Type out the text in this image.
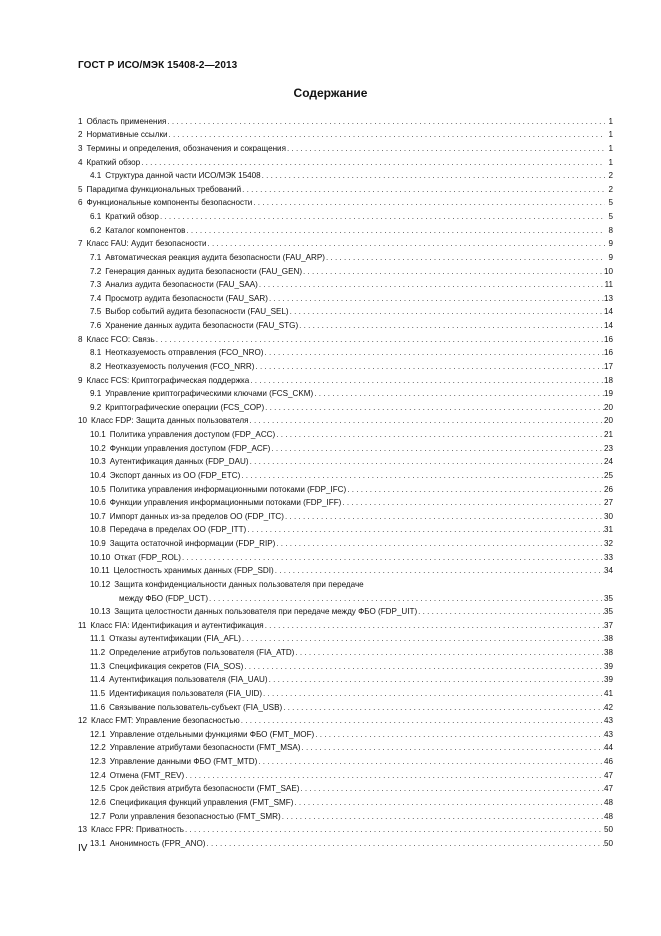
ГОСТ Р ИСО/МЭК 15408-2—2013
Содержание
1 Область применения . . .	1
2 Нормативные ссылки . . .	1
3 Термины и определения, обозначения и сокращения . . .	1
4 Краткий обзор . . .	1
4.1 Структура данной части ИСО/МЭК 15408 . . .	2
5 Парадигма функциональных требований . . .	2
6 Функциональные компоненты безопасности . . .	5
6.1 Краткий обзор . . .	5
6.2 Каталог компонентов . . .	8
7 Класс FAU: Аудит безопасности . . .	9
7.1 Автоматическая реакция аудита безопасности (FAU_ARP) . . .	9
7.2 Генерация данных аудита безопасности (FAU_GEN) . . .	10
7.3 Анализ аудита безопасности (FAU_SAA) . . .	11
7.4 Просмотр аудита безопасности (FAU_SAR) . . .	13
7.5 Выбор событий аудита безопасности (FAU_SEL) . . .	14
7.6 Хранение данных аудита безопасности (FAU_STG) . . .	14
8 Класс FCO: Связь . . .	16
8.1 Неотказуемость отправления (FCO_NRO) . . .	16
8.2 Неотказуемость получения (FCO_NRR) . . .	17
9 Класс FCS: Криптографическая поддержка . . .	18
9.1 Управление криптографическими ключами (FCS_CKM) . . .	19
9.2 Криптографические операции (FCS_COP) . . .	20
10 Класс FDP: Защита данных пользователя . . .	20
10.1 Политика управления доступом (FDP_ACC) . . .	21
10.2 Функции управления доступом (FDP_ACF) . . .	23
10.3 Аутентификация данных (FDP_DAU) . . .	24
10.4 Экспорт данных из ОО (FDP_ETC) . . .	25
10.5 Политика управления информационными потоками (FDP_IFC) . . .	26
10.6 Функции управления информационными потоками (FDP_IFF) . . .	27
10.7 Импорт данных из-за пределов ОО (FDP_ITC) . . .	30
10.8 Передача в пределах ОО (FDP_ITT) . . .	31
10.9 Защита остаточной информации (FDP_RIP) . . .	32
10.10 Откат (FDP_ROL) . . .	33
10.11 Целостность хранимых данных (FDP_SDI) . . .	34
10.12 Защита конфиденциальности данных пользователя при передаче
между ФБО (FDP_UCT) . . .	35
10.13 Защита целостности данных пользователя при передаче между ФБО (FDP_UIT) . . .	35
11 Класс FIA: Идентификация и аутентификация . . .	37
11.1 Отказы аутентификации (FIA_AFL) . . .	38
11.2 Определение атрибутов пользователя (FIA_ATD) . . .	38
11.3 Спецификация секретов (FIA_SOS) . . .	39
11.4 Аутентификация пользователя (FIA_UAU) . . .	39
11.5 Идентификация пользователя (FIA_UID) . . .	41
11.6 Связывание пользователь-субъект (FIA_USB) . . .	42
12 Класс FMT: Управление безопасностью . . .	43
12.1 Управление отдельными функциями ФБО (FMT_MOF) . . .	43
12.2 Управление атрибутами безопасности (FMT_MSA) . . .	44
12.3 Управление данными ФБО (FMT_MTD) . . .	46
12.4 Отмена (FMT_REV) . . .	47
12.5 Срок действия атрибута безопасности (FMT_SAE) . . .	47
12.6 Спецификация функций управления (FMT_SMF) . . .	48
12.7 Роли управления безопасностью (FMT_SMR) . . .	48
13 Класс FPR: Приватность . . .	50
13.1 Анонимность (FPR_ANO) . . .	50
IV
